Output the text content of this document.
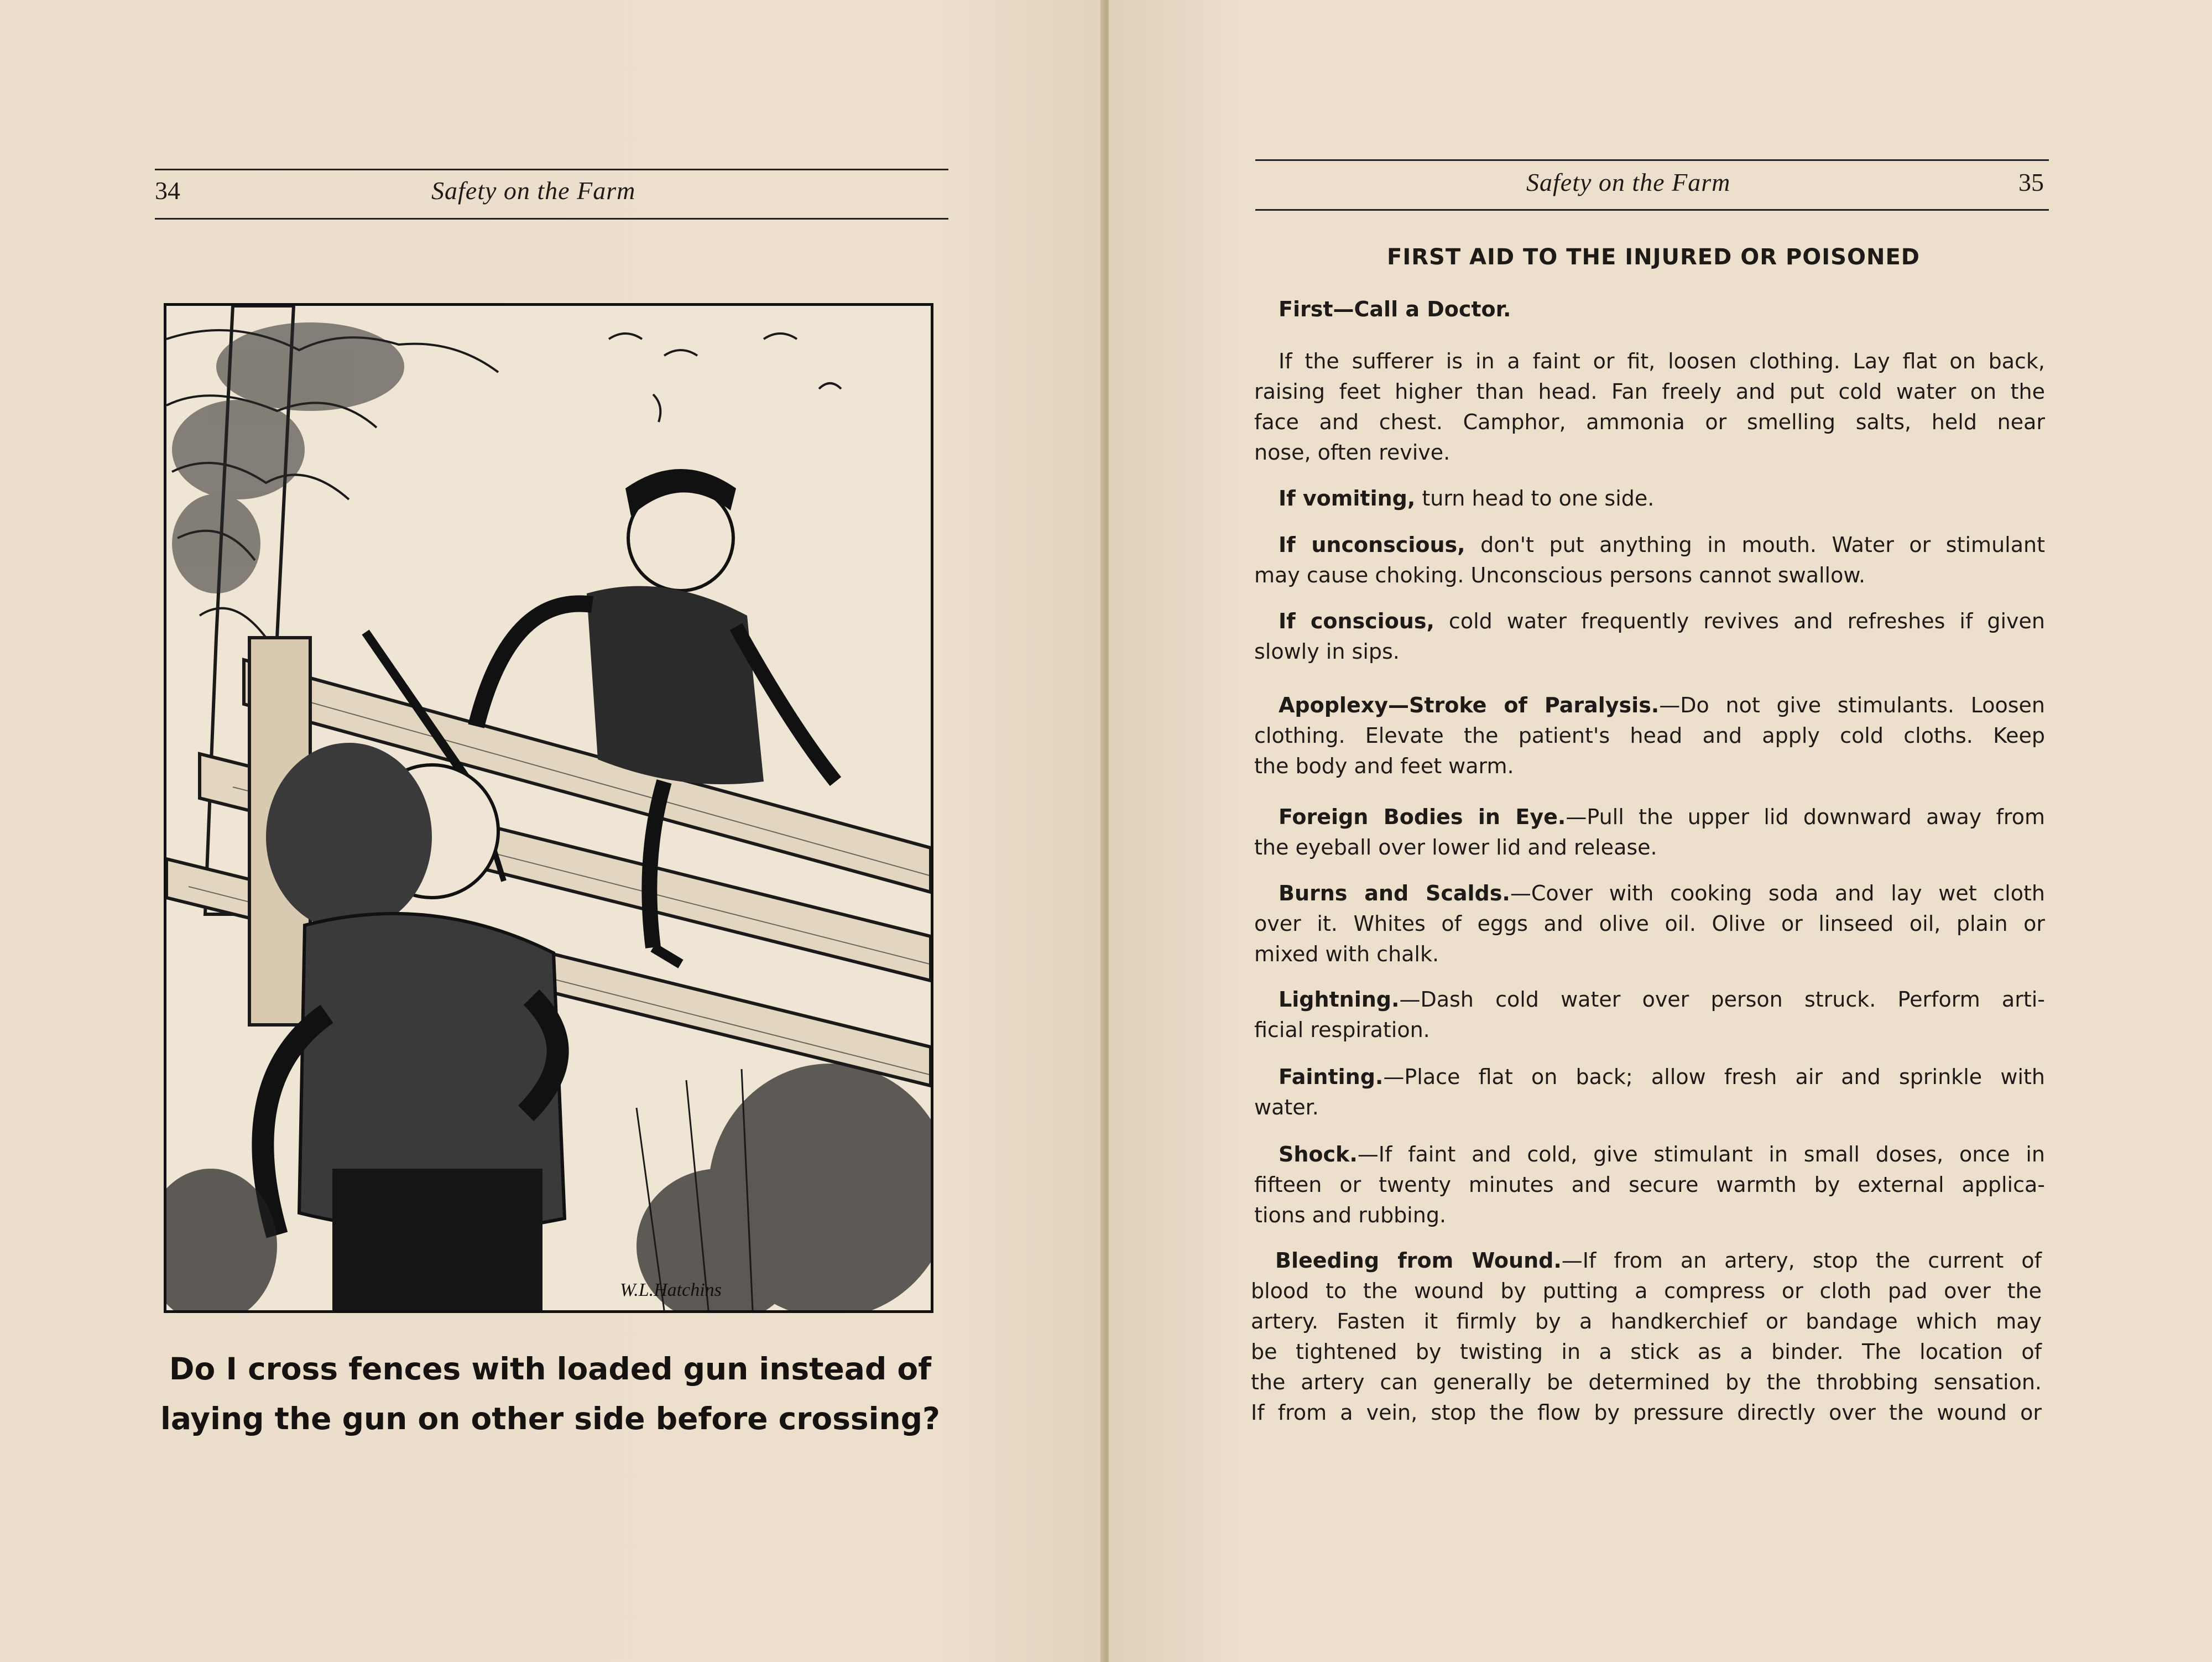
34	Safety on the Farm
W.L.Hatchins
Do I cross fences with loaded gun instead of
laying the gun on other side before crossing?
Safety on the Farm	35
FIRST AID TO THE INJURED OR POISONED
First—Call a Doctor.
If the sufferer is in a faint or fit, loosen clothing. Lay flat on back,
raising feet higher than head. Fan freely and put cold water on the
face and chest. Camphor, ammonia or smelling salts, held near
nose, often revive.
If vomiting, turn head to one side.
If unconscious, don't put anything in mouth. Water or stimulant
may cause choking. Unconscious persons cannot swallow.
If conscious, cold water frequently revives and refreshes if given
slowly in sips.
Apoplexy—Stroke of Paralysis.—Do not give stimulants. Loosen
clothing. Elevate the patient's head and apply cold cloths. Keep
the body and feet warm.
Foreign Bodies in Eye.—Pull the upper lid downward away from
the eyeball over lower lid and release.
Burns and Scalds.—Cover with cooking soda and lay wet cloth
over it. Whites of eggs and olive oil. Olive or linseed oil, plain or
mixed with chalk.
Lightning.—Dash cold water over person struck. Perform arti-
ficial respiration.
Fainting.—Place flat on back; allow fresh air and sprinkle with
water.
Shock.—If faint and cold, give stimulant in small doses, once in
fifteen or twenty minutes and secure warmth by external applica-
tions and rubbing.
Bleeding from Wound.—If from an artery, stop the current of
blood to the wound by putting a compress or cloth pad over the
artery. Fasten it firmly by a handkerchief or bandage which may
be tightened by twisting in a stick as a binder. The location of
the artery can generally be determined by the throbbing sensation.
If from a vein, stop the flow by pressure directly over the wound or
